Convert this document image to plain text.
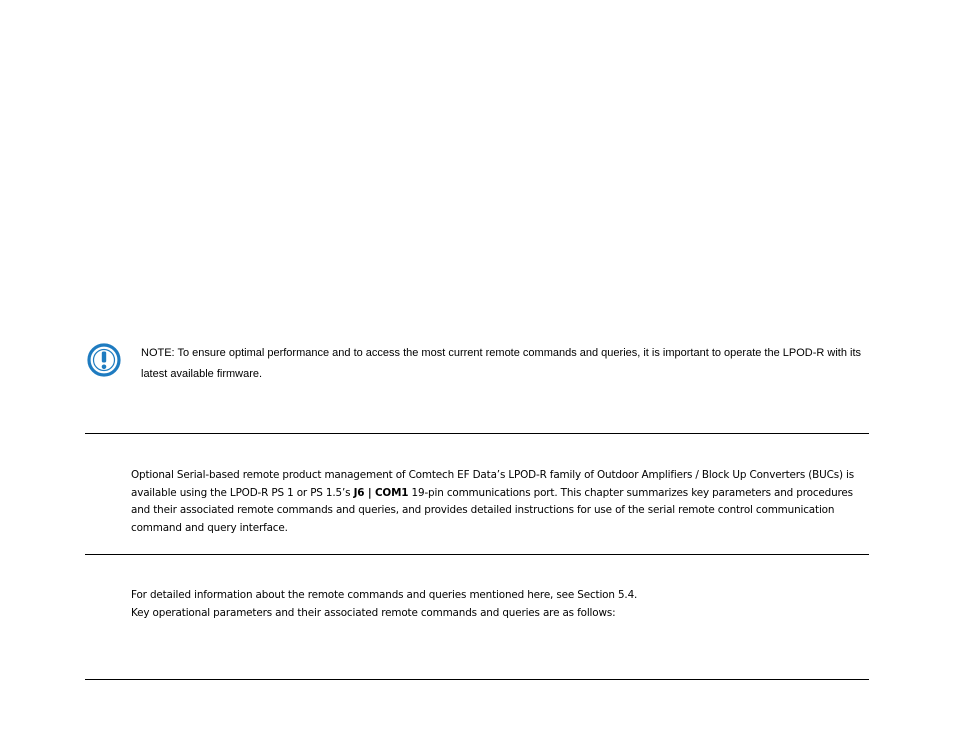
NOTE: To ensure optimal performance and to access the most current remote commands and queries, it is important to operate the LPOD-R with its latest available firmware.

Optional Serial-based remote product management of Comtech EF Data’s LPOD-R family of Outdoor Amplifiers / Block Up Converters (BUCs) is available using the LPOD-R PS 1 or PS 1.5’s J6 | COM1 19-pin communications port. This chapter summarizes key parameters and procedures and their associated remote commands and queries, and provides detailed instructions for use of the serial remote control communication command and query interface.

For detailed information about the remote commands and queries mentioned here, see Section 5.4.
Key operational parameters and their associated remote commands and queries are as follows:
